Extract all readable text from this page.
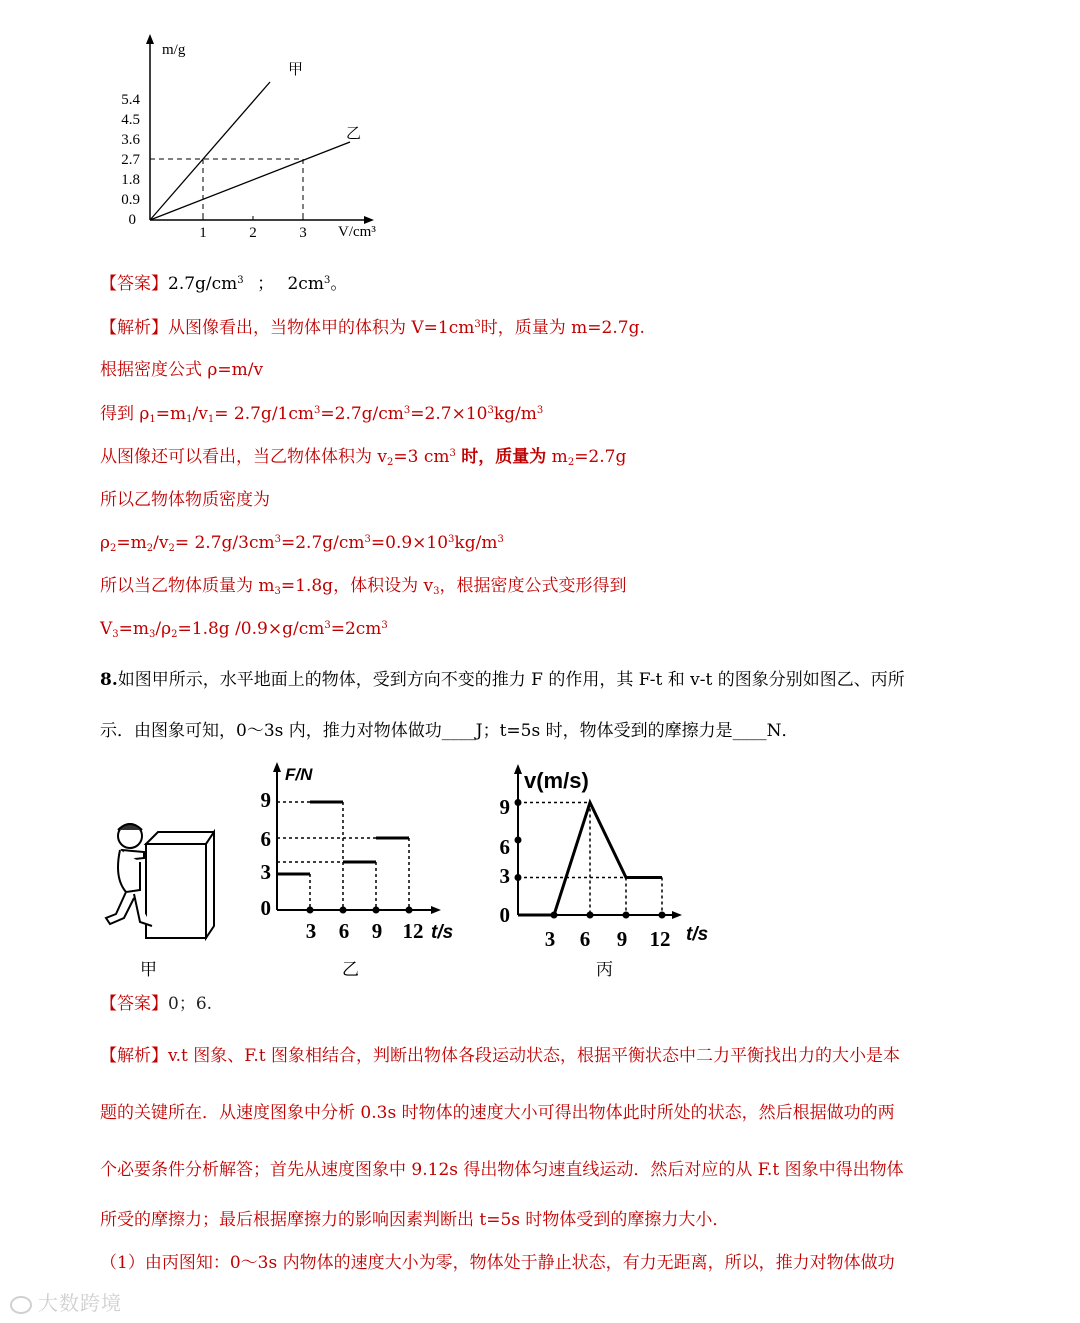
m/g
V/cm³
5.4
4.5
3.6
2.7
1.8
0.9
0
1	2	3
甲
乙
【答案】$2.7g/cm^3$ ； $2cm^3$。
【解析】从图像看出，当物体甲的体积为 $V=1cm^3$时，质量为 m=2.7g.
根据密度公式 ρ=m/v
得到 $\rho_1=m_1/v_1= 2.7g/1cm^3=2.7g/cm^3=2.7\times 10^3kg/m^3$
从图像还可以看出，当乙物体体积为 $v_2=3$ $cm^3$ 时，质量为 $m_2=2.7g$
所以乙物体物质密度为
$\rho_2=m_2/v_2= 2.7g/3cm^3=2.7g/cm^3=0.9\times 10^3kg/m^3$
所以当乙物体质量为 $m_3=1.8g$，体积设为 $v_3$，根据密度公式变形得到
$V_3=m_3/\rho_2=1.8g$ $/0.9\times g/cm^3=2cm^3$
8.如图甲所示，水平地面上的物体，受到方向不变的推力 F 的作用，其 F-t 和 v-t 的图象分别如图乙、丙所
示．由图象可知，0～3s 内，推力对物体做功____J；t=5s 时，物体受到的摩擦力是____N．
甲
F/N
t/s
9
6
3
0
3 6 9 12
乙
v(m/s)
t/s
9
6
3
0
3 6 9 12
丙
【答案】0；6.
【解析】v.t 图象、F.t 图象相结合，判断出物体各段运动状态，根据平衡状态中二力平衡找出力的大小是本
题的关键所在．从速度图象中分析 0.3s 时物体的速度大小可得出物体此时所处的状态，然后根据做功的两
个必要条件分析解答；首先从速度图象中 9.12s 得出物体匀速直线运动．然后对应的从 F.t 图象中得出物体
所受的摩擦力；最后根据摩擦力的影响因素判断出 t=5s 时物体受到的摩擦力大小．
（1）由丙图知：0～3s 内物体的速度大小为零，物体处于静止状态，有力无距离，所以，推力对物体做功
大数跨境
